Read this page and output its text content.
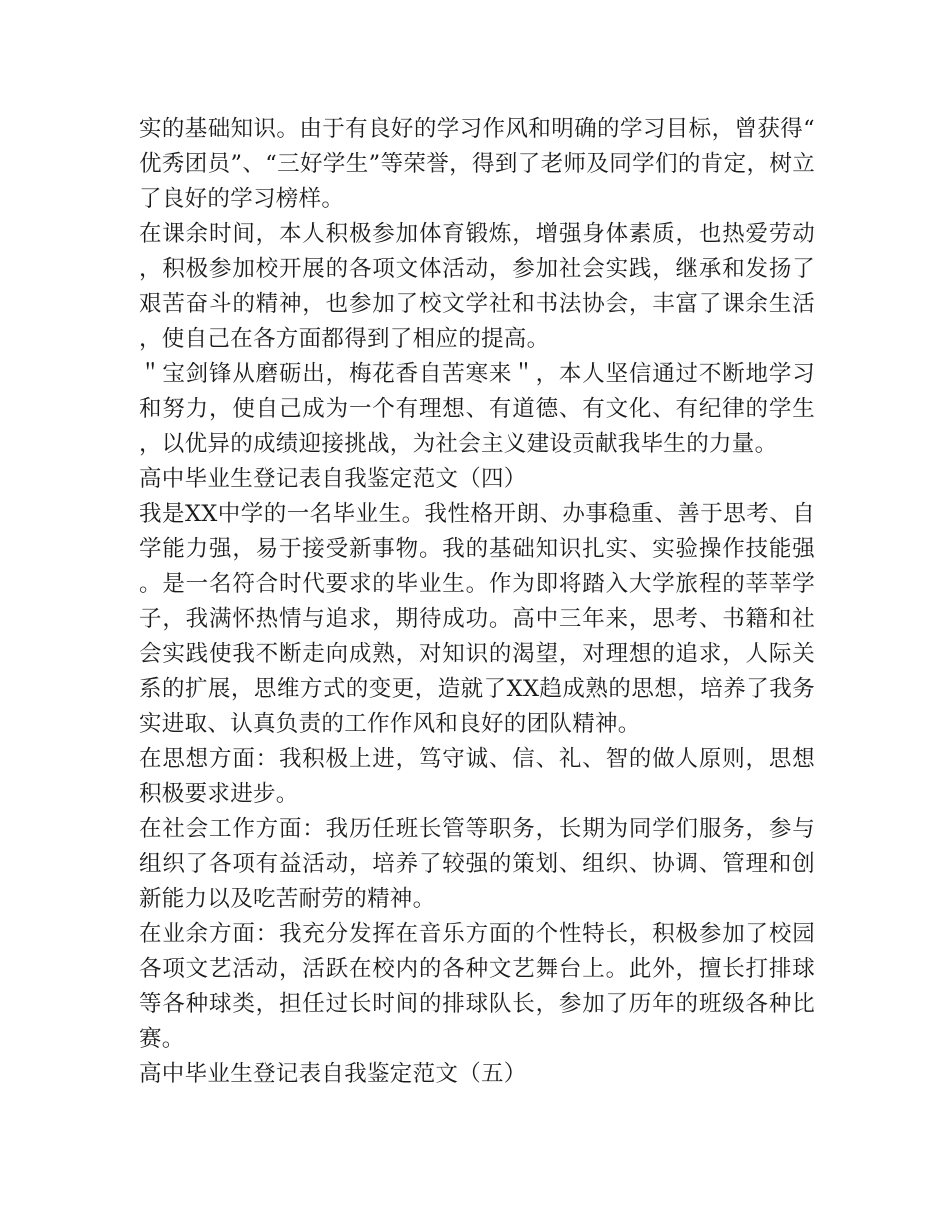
实的基础知识。由于有良好的学习作风和明确的学习目标，曾获得“优秀团员”、“三好学生”等荣誉，得到了老师及同学们的肯定，树立了良好的学习榜样。

在课余时间，本人积极参加体育锻炼，增强身体素质，也热爱劳动，积极参加校开展的各项文体活动，参加社会实践，继承和发扬了艰苦奋斗的精神，也参加了校文学社和书法协会，丰富了课余生活，使自己在各方面都得到了相应的提高。

＂宝剑锋从磨砺出，梅花香自苦寒来＂，本人坚信通过不断地学习和努力，使自己成为一个有理想、有道德、有文化、有纪律的学生，以优异的成绩迎接挑战，为社会主义建设贡献我毕生的力量。

高中毕业生登记表自我鉴定范文（四）

我是XX中学的一名毕业生。我性格开朗、办事稳重、善于思考、自学能力强，易于接受新事物。我的基础知识扎实、实验操作技能强。是一名符合时代要求的毕业生。作为即将踏入大学旅程的莘莘学子，我满怀热情与追求，期待成功。高中三年来，思考、书籍和社会实践使我不断走向成熟，对知识的渴望，对理想的追求，人际关系的扩展，思维方式的变更，造就了XX趋成熟的思想，培养了我务实进取、认真负责的工作作风和良好的团队精神。

在思想方面：我积极上进，笃守诚、信、礼、智的做人原则，思想积极要求进步。

在社会工作方面：我历任班长管等职务，长期为同学们服务，参与组织了各项有益活动，培养了较强的策划、组织、协调、管理和创新能力以及吃苦耐劳的精神。

在业余方面：我充分发挥在音乐方面的个性特长，积极参加了校园各项文艺活动，活跃在校内的各种文艺舞台上。此外，擅长打排球等各种球类，担任过长时间的排球队长，参加了历年的班级各种比赛。

高中毕业生登记表自我鉴定范文（五）
